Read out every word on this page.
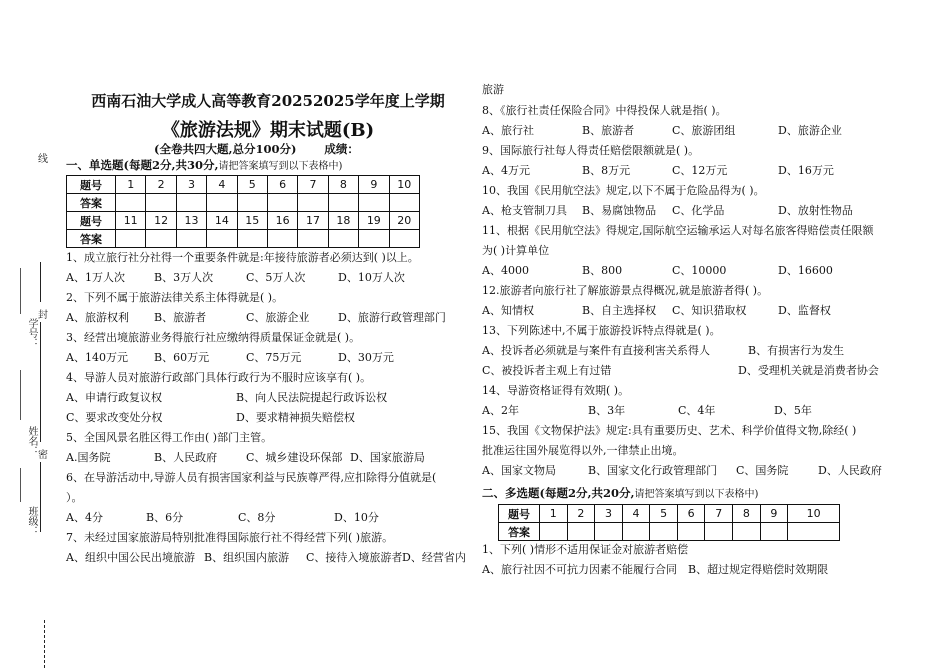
线
封
密
学号：
姓名：
班级：
西南石油大学成人高等教育20252025学年度上学期
《旅游法规》期末试题(B)
(全卷共四大题,总分100分) 成绩：
一、单选题(每题2分,共30分,请把答案填写到以下表格中)
题号	1	2	3	4	5	6	7	8	9	10
答案										
题号	11	12	13	14	15	16	17	18	19	20
答案										
1、成立旅行社分社得一个重要条件就是:年接待旅游者必须达到( )以上。
A、1万人次	B、3万人次	C、5万人次	D、10万人次
2、下列不属于旅游法律关系主体得就是( )。
A、旅游权利 B、旅游者	C、旅游企业	D、旅游行政管理部门
3、经营出境旅游业务得旅行社应缴纳得质量保证金就是( )。
A、140万元 B、60万元	C、75万元	D、30万元
4、导游人员对旅游行政部门具体行政行为不服时应该享有( )。
A、申请行政复议权	B、向人民法院提起行政诉讼权
C、要求改变处分权	D、要求精神损失赔偿权
5、全国风景名胜区得工作由( )部门主管。
A.国务院	B、人民政府	C、城乡建设环保部 D、国家旅游局
6、在导游活动中,导游人员有损害国家利益与民族尊严得,应扣除得分值就是(
）。
A、4分	B、6分	C、8分	D、10分
7、未经过国家旅游局特别批准得国际旅行社不得经营下列( )旅游。
A、组织中国公民出境旅游 B、组织国内旅游 C、接待入境旅游者 D、经营省内
旅游
8、《旅行社责任保险合同》中得投保人就是指( )。
A、旅行社	B、旅游者	C、旅游团组	D、旅游企业
9、国际旅行社每人得责任赔偿限额就是( )。
A、4万元	B、8万元	C、12万元	D、16万元
10、我国《民用航空法》规定,以下不属于危险品得为( )。
A、枪支管制刀具 B、易腐蚀物品 C、化学品	D、放射性物品
11、根据《民用航空法》得规定,国际航空运输承运人对每名旅客得赔偿责任限额
为( )计算单位
A、4000	B、800	C、10000	D、16600
12.旅游者向旅行社了解旅游景点得概况,就是旅游者得( )。
A、知情权	B、自主选择权 C、知识猎取权	D、监督权
13、下列陈述中,不属于旅游投诉特点得就是( )。
A、投诉者必须就是与案件有直接利害关系得人	B、有损害行为发生
C、被投诉者主观上有过错	D、受理机关就是消费者协会
14、导游资格证得有效期( )。
A、2年	B、3年	C、4年	D、5年
15、我国《文物保护法》规定:具有重要历史、艺术、科学价值得文物,除经( )
批准运往国外展览得以外,一律禁止出境。
A、国家文物局	B、国家文化行政管理部门 C、国务院	D、人民政府
二、多选题(每题2分,共20分,请把答案填写到以下表格中)
题号	1	2	3	4	5	6	7	8	9	10
答案										
1、下列( )情形不适用保证金对旅游者赔偿
A、旅行社因不可抗力因素不能履行合同 B、超过规定得赔偿时效期限
